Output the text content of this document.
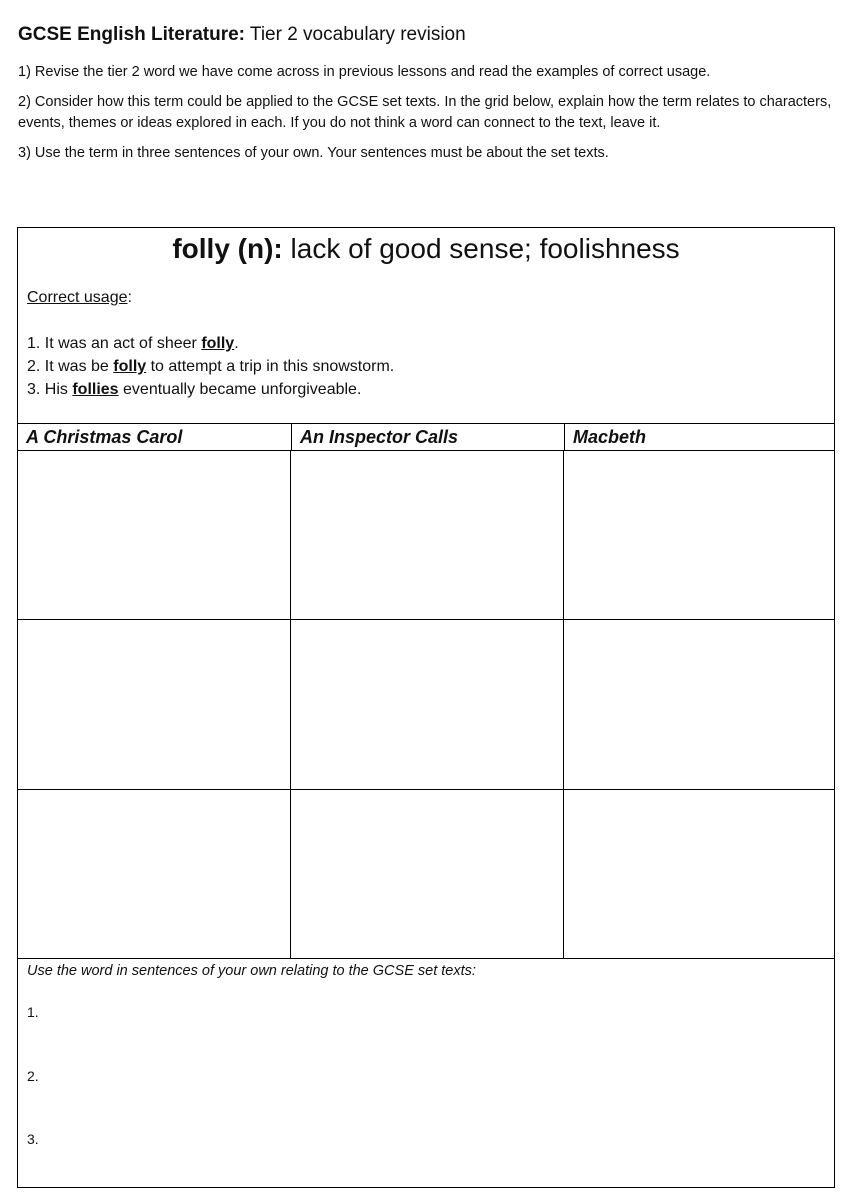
GCSE English Literature: Tier 2 vocabulary revision

1) Revise the tier 2 word we have come across in previous lessons and read the examples of correct usage.

2) Consider how this term could be applied to the GCSE set texts. In the grid below, explain how the term relates to characters, events, themes or ideas explored in each. If you do not think a word can connect to the text, leave it.

3) Use the term in three sentences of your own. Your sentences must be about the set texts.

folly (n): lack of good sense; foolishness
Correct usage:
1. It was an act of sheer folly.
2. It was be folly to attempt a trip in this snowstorm.
3. His follies eventually became unforgiveable.
A Christmas Carol	An Inspector Calls	Macbeth
Use the word in sentences of your own relating to the GCSE set texts:
1.
2.
3.
